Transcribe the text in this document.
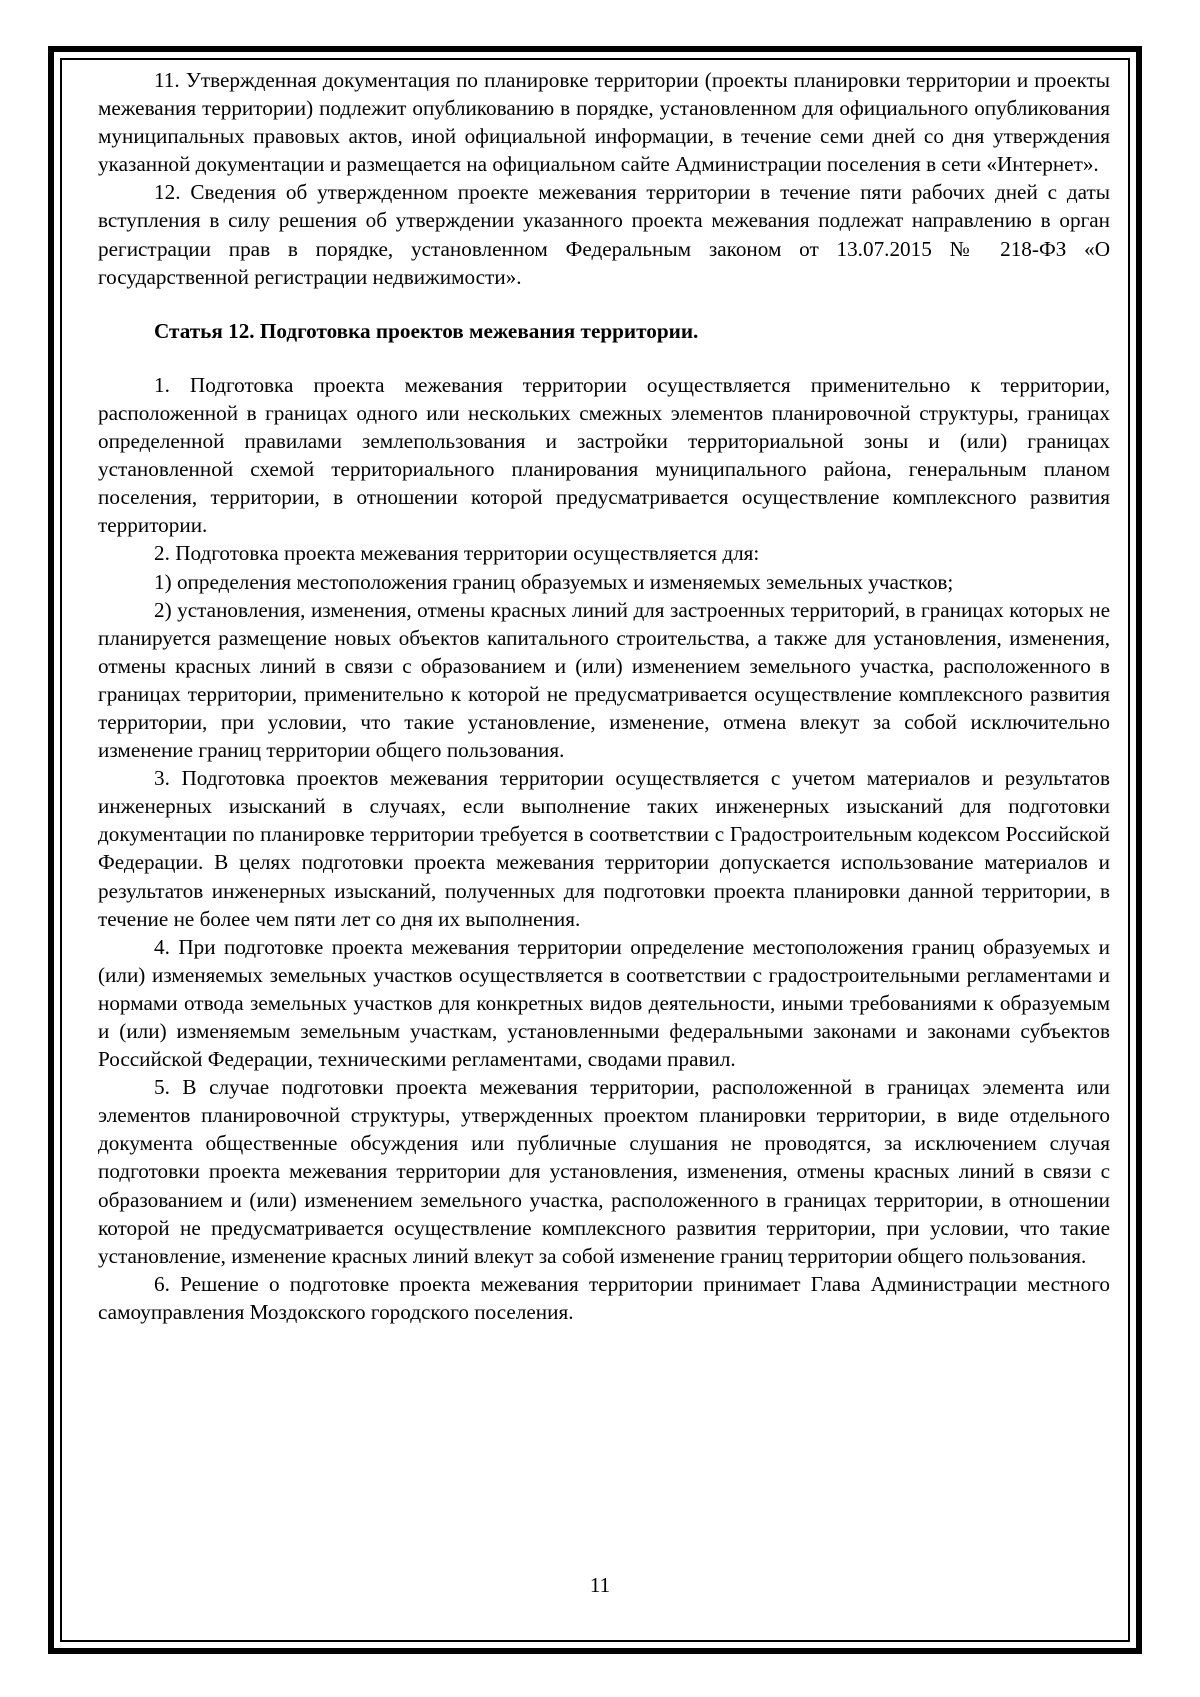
11. Утвержденная документация по планировке территории (проекты планировки территории и проекты межевания территории) подлежит опубликованию в порядке, установленном для официального опубликования муниципальных правовых актов, иной официальной информации, в течение семи дней со дня утверждения указанной документации и размещается на официальном сайте Администрации поселения в сети «Интернет».

12. Сведения об утвержденном проекте межевания территории в течение пяти рабочих дней с даты вступления в силу решения об утверждении указанного проекта межевания подлежат направлению в орган регистрации прав в порядке, установленном Федеральным законом от 13.07.2015 № 218-ФЗ «О государственной регистрации недвижимости».

Статья 12. Подготовка проектов межевания территории.

1. Подготовка проекта межевания территории осуществляется применительно к территории, расположенной в границах одного или нескольких смежных элементов планировочной структуры, границах определенной правилами землепользования и застройки территориальной зоны и (или) границах установленной схемой территориального планирования муниципального района, генеральным планом поселения, территории, в отношении которой предусматривается осуществление комплексного развития территории.

2. Подготовка проекта межевания территории осуществляется для:

1) определения местоположения границ образуемых и изменяемых земельных участков;

2) установления, изменения, отмены красных линий для застроенных территорий, в границах которых не планируется размещение новых объектов капитального строительства, а также для установления, изменения, отмены красных линий в связи с образованием и (или) изменением земельного участка, расположенного в границах территории, применительно к которой не предусматривается осуществление комплексного развития территории, при условии, что такие установление, изменение, отмена влекут за собой исключительно изменение границ территории общего пользования.

3. Подготовка проектов межевания территории осуществляется с учетом материалов и результатов инженерных изысканий в случаях, если выполнение таких инженерных изысканий для подготовки документации по планировке территории требуется в соответствии с Градостроительным кодексом Российской Федерации. В целях подготовки проекта межевания территории допускается использование материалов и результатов инженерных изысканий, полученных для подготовки проекта планировки данной территории, в течение не более чем пяти лет со дня их выполнения.

4. При подготовке проекта межевания территории определение местоположения границ образуемых и (или) изменяемых земельных участков осуществляется в соответствии с градостроительными регламентами и нормами отвода земельных участков для конкретных видов деятельности, иными требованиями к образуемым и (или) изменяемым земельным участкам, установленными федеральными законами и законами субъектов Российской Федерации, техническими регламентами, сводами правил.

5. В случае подготовки проекта межевания территории, расположенной в границах элемента или элементов планировочной структуры, утвержденных проектом планировки территории, в виде отдельного документа общественные обсуждения или публичные слушания не проводятся, за исключением случая подготовки проекта межевания территории для установления, изменения, отмены красных линий в связи с образованием и (или) изменением земельного участка, расположенного в границах территории, в отношении которой не предусматривается осуществление комплексного развития территории, при условии, что такие установление, изменение красных линий влекут за собой изменение границ территории общего пользования.

6. Решение о подготовке проекта межевания территории принимает Глава Администрации местного самоуправления Моздокского городского поселения.

11
